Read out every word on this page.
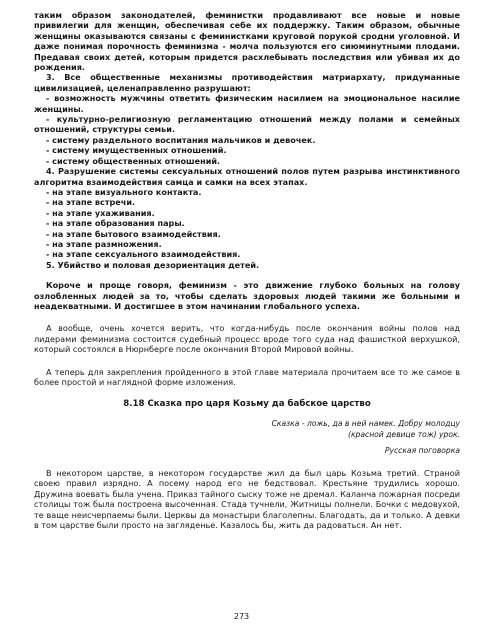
таким образом законодателей, феминистки продавливают все новые и новые привилегии для женщин, обеспечивая себе их поддержку. Таким образом, обычные женщины оказываются связаны с феминистками круговой порукой сродни уголовной. И даже понимая порочность феминизма - молча пользуются его сиюминутными плодами. Предавая своих детей, которым придется расхлебывать последствия или убивая их до рождения.

3. Все общественные механизмы противодействия матриархату, придуманные цивилизацией, целенаправленно разрушают:

- возможность мужчины ответить физическим насилием на эмоциональное насилие женщины.

- культурно-религиозную регламентацию отношений между полами и семейных отношений, структуры семьи.

- систему раздельного воспитания мальчиков и девочек.

- систему имущественных отношений.

- систему общественных отношений.

4. Разрушение системы сексуальных отношений полов путем разрыва инстинктивного алгоритма взаимодействия самца и самки на всех этапах.

- на этапе визуального контакта.

- на этапе встречи.

- на этапе ухаживания.

- на этапе образования пары.

- на этапе бытового взаимодействия.

- на этапе размножения.

- на этапе сексуального взаимодействия.

5. Убийство и половая дезориентация детей.

Короче и проще говоря, феминизм - это движение глубоко больных на голову озлобленных людей за то, чтобы сделать здоровых людей такими же больными и неадекватными. И достигшее в этом начинании глобального успеха.

А вообще, очень хочется верить, что когда-нибудь после окончания войны полов над лидерами феминизма состоится судебный процесс вроде того суда над фашисткой верхушкой, который состоялся в Нюрнберге после окончания Второй Мировой войны.

А теперь для закрепления пройденного в этой главе материала прочитаем все то же самое в более простой и наглядной форме изложения.

8.18 Сказка про царя Козьму да бабское царство

Сказка - ложь, да в ней намек. Добру молодцу (красной девице тож) урок.

Русская поговорка

В некотором царстве, в некотором государстве жил да был царь Козьма третий. Страной своею правил изрядно. А посему народ его не бедствовал. Крестьяне трудились хорошо. Дружина воевать была учена. Приказ тайного сыску тоже не дремал. Каланча пожарная посреди столицы тож была построена высоченная. Стада тучнели, Житницы полнели. Бочки с медовухой, те ваще неисчерпаемы были. Церквы да монастыри благолепны. Благодать, да и только. А девки в том царстве были просто на загляденье. Казалось бы, жить да радоваться. Ан нет.

273
